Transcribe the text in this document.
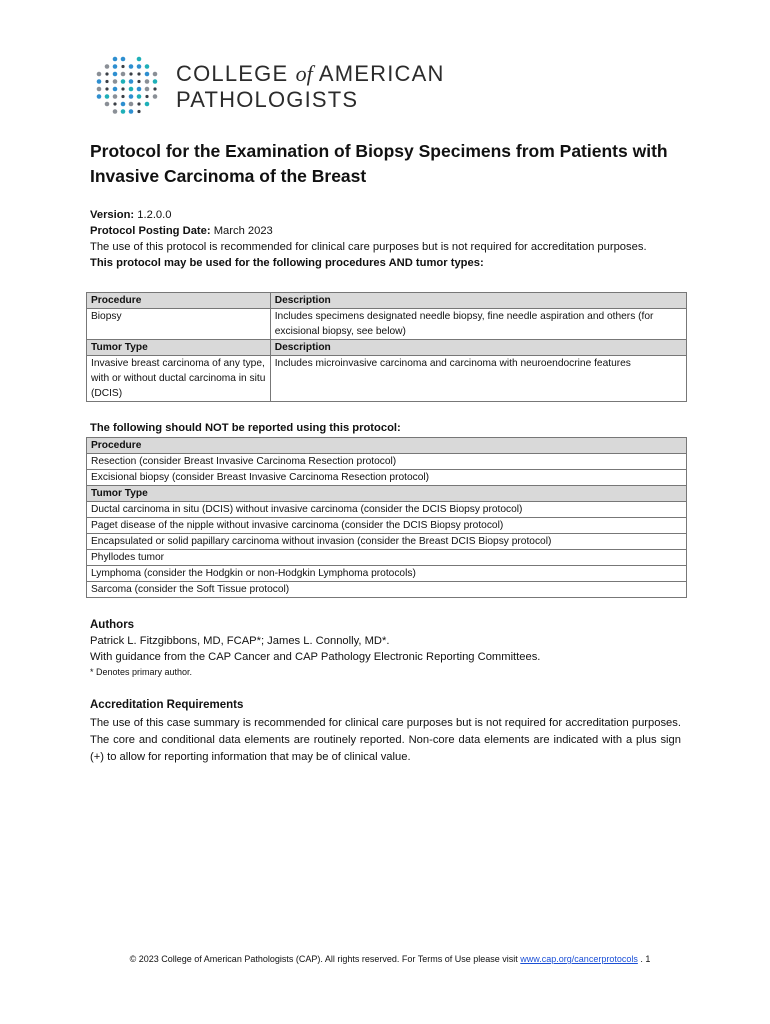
COLLEGE of AMERICAN
PATHOLOGISTS
Protocol for the Examination of Biopsy Specimens from Patients with Invasive Carcinoma of the Breast

Version: 1.2.0.0

Protocol Posting Date: March 2023

The use of this protocol is recommended for clinical care purposes but is not required for accreditation purposes.

This protocol may be used for the following procedures AND tumor types:

Procedure	Description
Biopsy	Includes specimens designated needle biopsy, fine needle aspiration and others (for excisional biopsy, see below)
Tumor Type	Description
Invasive breast carcinoma of any type, with or without ductal carcinoma in situ (DCIS)	Includes microinvasive carcinoma and carcinoma with neuroendocrine features

The following should NOT be reported using this protocol:

Procedure
Resection (consider Breast Invasive Carcinoma Resection protocol)
Excisional biopsy (consider Breast Invasive Carcinoma Resection protocol)
Tumor Type
Ductal carcinoma in situ (DCIS) without invasive carcinoma (consider the DCIS Biopsy protocol)
Paget disease of the nipple without invasive carcinoma (consider the DCIS Biopsy protocol)
Encapsulated or solid papillary carcinoma without invasion (consider the Breast DCIS Biopsy protocol)
Phyllodes tumor
Lymphoma (consider the Hodgkin or non-Hodgkin Lymphoma protocols)
Sarcoma (consider the Soft Tissue protocol)

Authors

Patrick L. Fitzgibbons, MD, FCAP*; James L. Connolly, MD*.

With guidance from the CAP Cancer and CAP Pathology Electronic Reporting Committees.

* Denotes primary author.

Accreditation Requirements

The use of this case summary is recommended for clinical care purposes but is not required for accreditation purposes. The core and conditional data elements are routinely reported. Non-core data elements are indicated with a plus sign (+) to allow for reporting information that may be of clinical value.

© 2023 College of American Pathologists (CAP). All rights reserved. For Terms of Use please visit www.cap.org/cancerprotocols . 1
